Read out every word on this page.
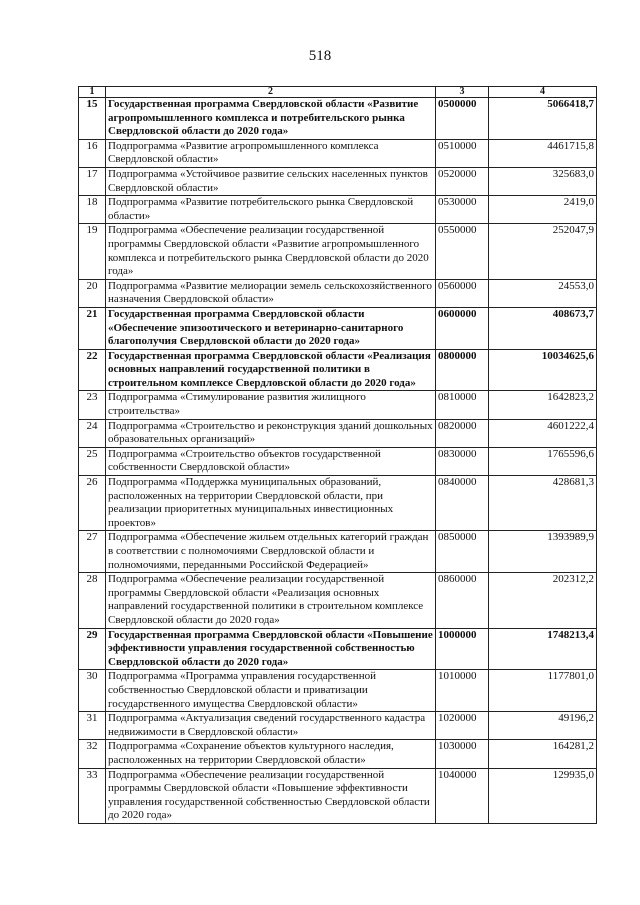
518
1	2	3	4
15	Государственная программа Свердловской области «Развитие агропромышленного комплекса и потребительского рынка Свердловской области до 2020 года»	0500000	5066418,7
16	Подпрограмма «Развитие агропромышленного комплекса Свердловской области»	0510000	4461715,8
17	Подпрограмма «Устойчивое развитие сельских населенных пунктов Свердловской области»	0520000	325683,0
18	Подпрограмма «Развитие потребительского рынка Свердловской области»	0530000	2419,0
19	Подпрограмма «Обеспечение реализации государственной программы Свердловской области «Развитие агропромышленного комплекса и потребительского рынка Свердловской области до 2020 года»	0550000	252047,9
20	Подпрограмма «Развитие мелиорации земель сельскохозяйственного назначения Свердловской области»	0560000	24553,0
21	Государственная программа Свердловской области «Обеспечение эпизоотического и ветеринарно-санитарного благополучия Свердловской области до 2020 года»	0600000	408673,7
22	Государственная программа Свердловской области «Реализация основных направлений государственной политики в строительном комплексе Свердловской области до 2020 года»	0800000	10034625,6
23	Подпрограмма «Стимулирование развития жилищного строительства»	0810000	1642823,2
24	Подпрограмма «Строительство и реконструкция зданий дошкольных образовательных организаций»	0820000	4601222,4
25	Подпрограмма «Строительство объектов государственной собственности Свердловской области»	0830000	1765596,6
26	Подпрограмма «Поддержка муниципальных образований, расположенных на территории Свердловской области, при реализации приоритетных муниципальных инвестиционных проектов»	0840000	428681,3
27	Подпрограмма «Обеспечение жильем отдельных категорий граждан в соответствии с полномочиями Свердловской области и полномочиями, переданными Российской Федерацией»	0850000	1393989,9
28	Подпрограмма «Обеспечение реализации государственной программы Свердловской области «Реализация основных направлений государственной политики в строительном комплексе Свердловской области до 2020 года»	0860000	202312,2
29	Государственная программа Свердловской области «Повышение эффективности управления государственной собственностью Свердловской области до 2020 года»	1000000	1748213,4
30	Подпрограмма «Программа управления государственной собственностью Свердловской области и приватизации государственного имущества Свердловской области»	1010000	1177801,0
31	Подпрограмма «Актуализация сведений государственного кадастра недвижимости в Свердловской области»	1020000	49196,2
32	Подпрограмма «Сохранение объектов культурного наследия, расположенных на территории Свердловской области»	1030000	164281,2
33	Подпрограмма «Обеспечение реализации государственной программы Свердловской области «Повышение эффективности управления государственной собственностью Свердловской области до 2020 года»	1040000	129935,0
